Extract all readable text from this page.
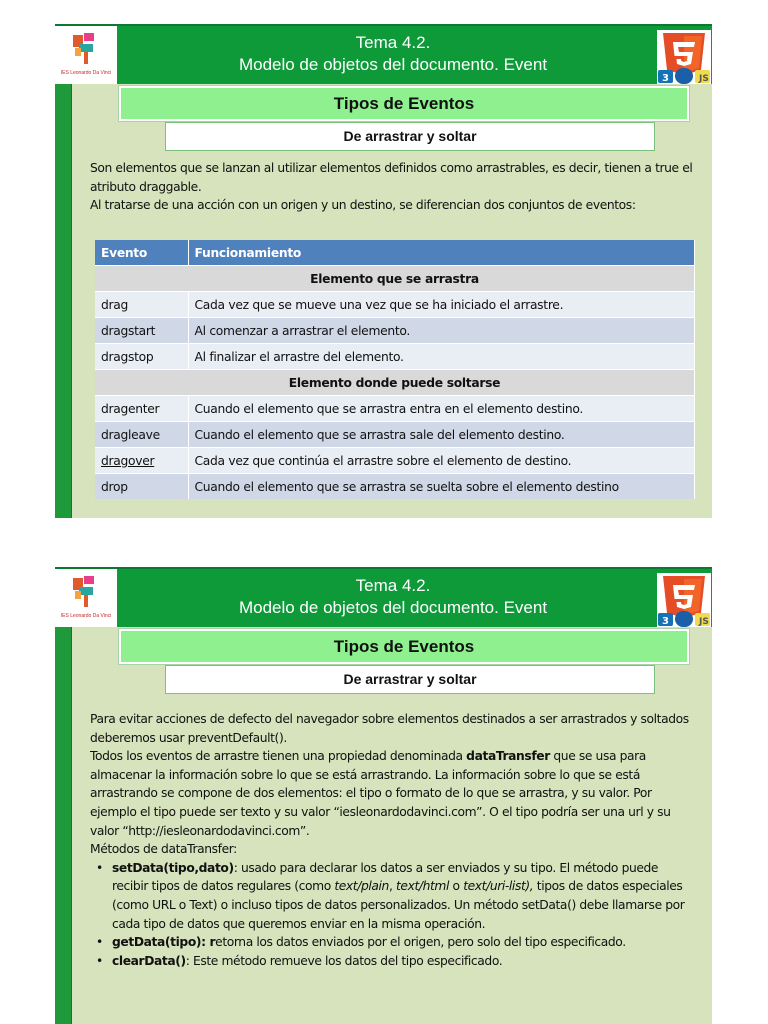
IES Leonardo Da Vinci
Tema 4.2.
Modelo de objetos del documento. Event
3	JS
Tipos de Eventos
De arrastrar y soltar

Son elementos que se lanzan al utilizar elementos definidos como arrastrables, es decir, tienen a true el atributo draggable.

Al tratarse de una acción con un origen y un destino, se diferencian dos conjuntos de eventos:

Evento	Funcionamiento
Elemento que se arrastra	
drag	Cada vez que se mueve una vez que se ha iniciado el arrastre.
dragstart	Al comenzar a arrastrar el elemento.
dragstop	Al finalizar el arrastre del elemento.
Elemento donde puede soltarse	
dragenter	Cuando el elemento que se arrastra entra en el elemento destino.
dragleave	Cuando el elemento que se arrastra sale del elemento destino.
dragover	Cada vez que continúa el arrastre sobre el elemento de destino.
drop	Cuando el elemento que se arrastra se suelta sobre el elemento destino
IES Leonardo Da Vinci
Tema 4.2.
Modelo de objetos del documento. Event
3	JS
Tipos de Eventos
De arrastrar y soltar

Para evitar acciones de defecto del navegador sobre elementos destinados a ser arrastrados y soltados deberemos usar preventDefault().

Todos los eventos de arrastre tienen una propiedad denominada dataTransfer que se usa para almacenar la información sobre lo que se está arrastrando. La información sobre lo que se está arrastrando se compone de dos elementos: el tipo o formato de lo que se arrastra, y su valor. Por ejemplo el tipo puede ser texto y su valor “iesleonardodavinci.com”. O el tipo podría ser una url y su valor “http://iesleonardodavinci.com”.

Métodos de dataTransfer:

• setData(tipo,dato): usado para declarar los datos a ser enviados y su tipo. El método puede recibir tipos de datos regulares (como text/plain, text/html o text/uri-list), tipos de datos especiales (como URL o Text) o incluso tipos de datos personalizados. Un método setData() debe llamarse por cada tipo de datos que queremos enviar en la misma operación.
• getData(tipo): retorna los datos enviados por el origen, pero solo del tipo especificado.
• clearData(): Este método remueve los datos del tipo especificado.
